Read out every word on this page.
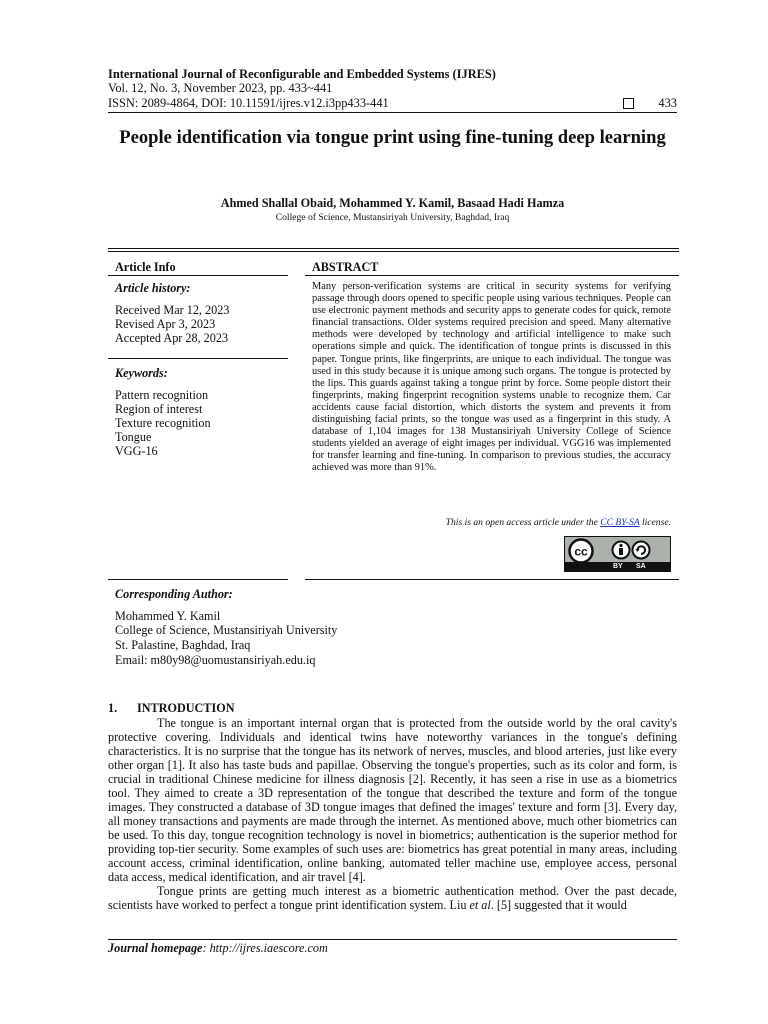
International Journal of Reconfigurable and Embedded Systems (IJRES)
Vol. 12, No. 3, November 2023, pp. 433~441
ISSN: 2089-4864, DOI: 10.11591/ijres.v12.i3pp433-441	433
People identification via tongue print using fine-tuning deep learning
Ahmed Shallal Obaid, Mohammed Y. Kamil, Basaad Hadi Hamza
College of Science, Mustansiriyah University, Baghdad, Iraq
Article Info
Article history:
Received Mar 12, 2023
Revised Apr 3, 2023
Accepted Apr 28, 2023
Keywords:
Pattern recognition
Region of interest
Texture recognition
Tongue
VGG-16
ABSTRACT
Many person-verification systems are critical in security systems for verifying passage through doors opened to specific people using various techniques. People can use electronic payment methods and security apps to generate codes for quick, remote financial transactions. Older systems required precision and speed. Many alternative methods were developed by technology and artificial intelligence to make such operations simple and quick. The identification of tongue prints is discussed in this paper. Tongue prints, like fingerprints, are unique to each individual. The tongue was used in this study because it is unique among such organs. The tongue is protected by the lips. This guards against taking a tongue print by force. Some people distort their fingerprints, making fingerprint recognition systems unable to recognize them. Car accidents cause facial distortion, which distorts the system and prevents it from distinguishing facial prints, so the tongue was used as a fingerprint in this study. A database of 1,104 images for 138 Mustansiriyah University College of Science students yielded an average of eight images per individual. VGG16 was implemented for transfer learning and fine-tuning. In comparison to previous studies, the accuracy achieved was more than 91%.
This is an open access article under the CC BY-SA license.
cc
BY SA
Corresponding Author:
Mohammed Y. Kamil
College of Science, Mustansiriyah University
St. Palastine, Baghdad, Iraq
Email: m80y98@uomustansiriyah.edu.iq
1. INTRODUCTION

The tongue is an important internal organ that is protected from the outside world by the oral cavity's protective covering. Individuals and identical twins have noteworthy variances in the tongue's defining characteristics. It is no surprise that the tongue has its network of nerves, muscles, and blood arteries, just like every other organ [1]. It also has taste buds and papillae. Observing the tongue's properties, such as its color and form, is crucial in traditional Chinese medicine for illness diagnosis [2]. Recently, it has seen a rise in use as a biometrics tool. They aimed to create a 3D representation of the tongue that described the texture and form of the tongue images. They constructed a database of 3D tongue images that defined the images' texture and form [3]. Every day, all money transactions and payments are made through the internet. As mentioned above, much other biometrics can be used. To this day, tongue recognition technology is novel in biometrics; authentication is the superior method for providing top-tier security. Some examples of such uses are: biometrics has great potential in many areas, including account access, criminal identification, online banking, automated teller machine use, employee access, personal data access, medical identification, and air travel [4].

Tongue prints are getting much interest as a biometric authentication method. Over the past decade, scientists have worked to perfect a tongue print identification system. Liu et al. [5] suggested that it would

Journal homepage: http://ijres.iaescore.com
